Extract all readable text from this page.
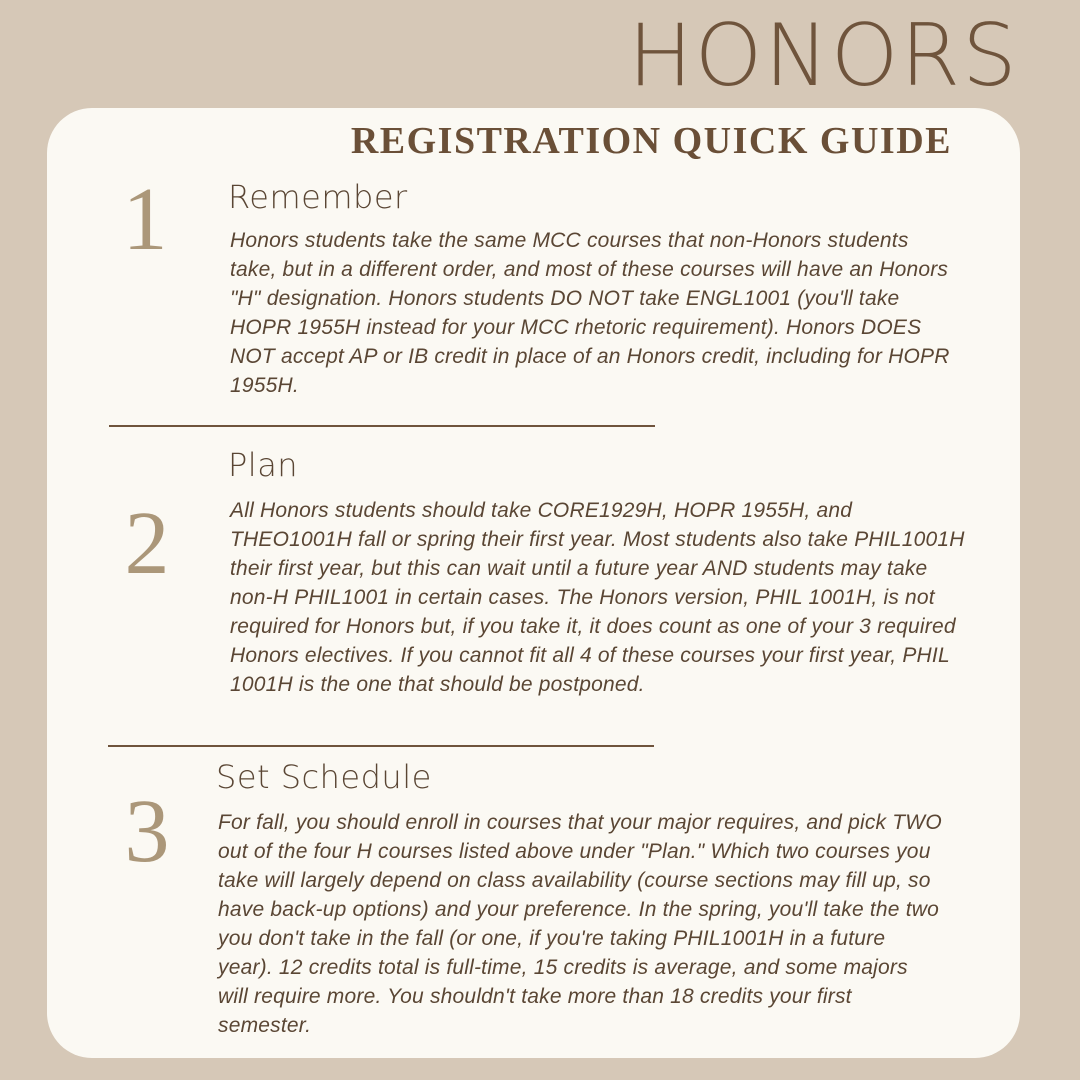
HONORS
REGISTRATION QUICK GUIDE
1	Remember

Honors students take the same MCC courses that non-Honors students take, but in a different order, and most of these courses will have an Honors "H" designation. Honors students DO NOT take ENGL1001 (you'll take HOPR 1955H instead for your MCC rhetoric requirement). Honors DOES NOT accept AP or IB credit in place of an Honors credit, including for HOPR 1955H.

2
Plan

All Honors students should take CORE1929H, HOPR 1955H, and THEO1001H fall or spring their first year. Most students also take PHIL1001H their first year, but this can wait until a future year AND students may take non-H PHIL1001 in certain cases. The Honors version, PHIL 1001H, is not required for Honors but, if you take it, it does count as one of your 3 required Honors electives. If you cannot fit all 4 of these courses your first year, PHIL 1001H is the one that should be postponed.

3
Set Schedule

For fall, you should enroll in courses that your major requires, and pick TWO out of the four H courses listed above under "Plan." Which two courses you take will largely depend on class availability (course sections may fill up, so have back-up options) and your preference. In the spring, you'll take the two you don't take in the fall (or one, if you're taking PHIL1001H in a future year). 12 credits total is full-time, 15 credits is average, and some majors will require more. You shouldn't take more than 18 credits your first semester.
